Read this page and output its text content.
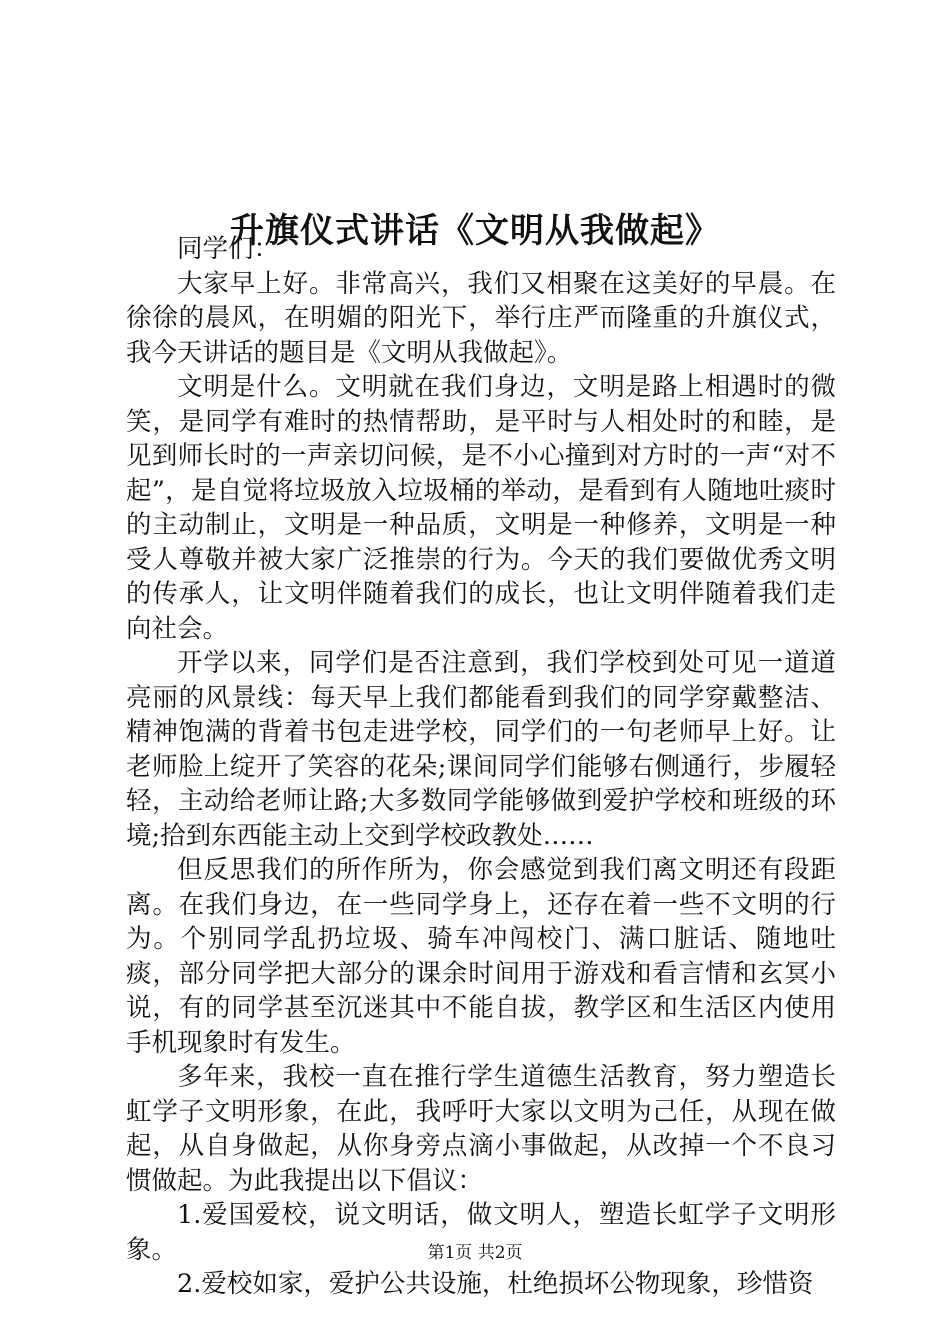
升旗仪式讲话《文明从我做起》

同学们：

大家早上好。非常高兴，我们又相聚在这美好的早晨。在徐徐的晨风，在明媚的阳光下，举行庄严而隆重的升旗仪式，我今天讲话的题目是《文明从我做起》。

文明是什么。文明就在我们身边，文明是路上相遇时的微笑，是同学有难时的热情帮助，是平时与人相处时的和睦，是见到师长时的一声亲切问候，是不小心撞到对方时的一声“对不起”，是自觉将垃圾放入垃圾桶的举动，是看到有人随地吐痰时的主动制止，文明是一种品质，文明是一种修养，文明是一种受人尊敬并被大家广泛推崇的行为。今天的我们要做优秀文明的传承人，让文明伴随着我们的成长，也让文明伴随着我们走向社会。

开学以来，同学们是否注意到，我们学校到处可见一道道亮丽的风景线：每天早上我们都能看到我们的同学穿戴整洁、精神饱满的背着书包走进学校，同学们的一句老师早上好。让老师脸上绽开了笑容的花朵;课间同学们能够右侧通行，步履轻轻，主动给老师让路;大多数同学能够做到爱护学校和班级的环境;拾到东西能主动上交到学校政教处……

但反思我们的所作所为，你会感觉到我们离文明还有段距离。在我们身边，在一些同学身上，还存在着一些不文明的行为。个别同学乱扔垃圾、骑车冲闯校门、满口脏话、随地吐痰，部分同学把大部分的课余时间用于游戏和看言情和玄冥小说，有的同学甚至沉迷其中不能自拔，教学区和生活区内使用手机现象时有发生。

多年来，我校一直在推行学生道德生活教育，努力塑造长虹学子文明形象，在此，我呼吁大家以文明为己任，从现在做起，从自身做起，从你身旁点滴小事做起，从改掉一个不良习惯做起。为此我提出以下倡议：

1.爱国爱校，说文明话，做文明人，塑造长虹学子文明形象。

2.爱校如家，爱护公共设施，杜绝损坏公物现象，珍惜资

第1页 共2页
